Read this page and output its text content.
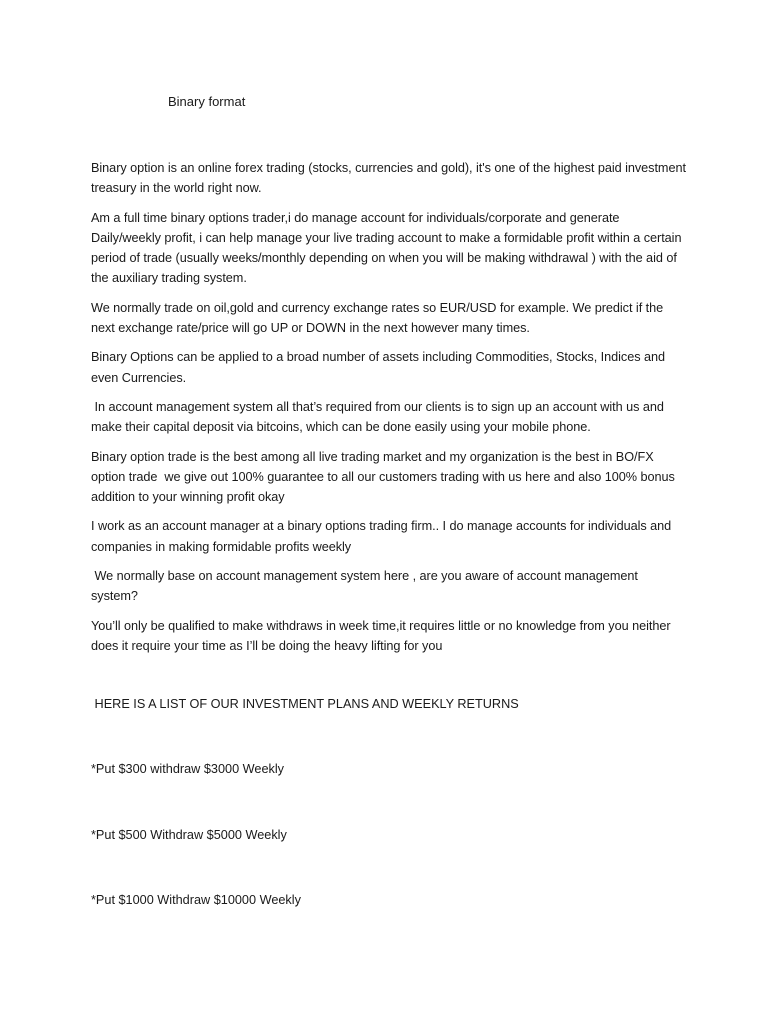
Binary format

Binary option is an online forex trading (stocks, currencies and gold), it's one of the highest paid investment treasury in the world right now.

Am a full time binary options trader,i do manage account for individuals/corporate and generate Daily/weekly profit, i can help manage your live trading account to make a formidable profit within a certain period of trade (usually weeks/monthly depending on when you will be making withdrawal ) with the aid of the auxiliary trading system.

We normally trade on oil,gold and currency exchange rates so EUR/USD for example. We predict if the next exchange rate/price will go UP or DOWN in the next however many times.

Binary Options can be applied to a broad number of assets including Commodities, Stocks, Indices and even Currencies.

In account management system all that’s required from our clients is to sign up an account with us and make their capital deposit via bitcoins, which can be done easily using your mobile phone.

Binary option trade is the best among all live trading market and my organization is the best in BO/FX option trade  we give out 100% guarantee to all our customers trading with us here and also 100% bonus addition to your winning profit okay

I work as an account manager at a binary options trading firm.. I do manage accounts for individuals and companies in making formidable profits weekly

We normally base on account management system here , are you aware of account management system?

You’ll only be qualified to make withdraws in week time,it requires little or no knowledge from you neither does it require your time as I’ll be doing the heavy lifting for you

HERE IS A LIST OF OUR INVESTMENT PLANS AND WEEKLY RETURNS

*Put $300 withdraw $3000 Weekly

*Put $500 Withdraw $5000 Weekly

*Put $1000 Withdraw $10000 Weekly
